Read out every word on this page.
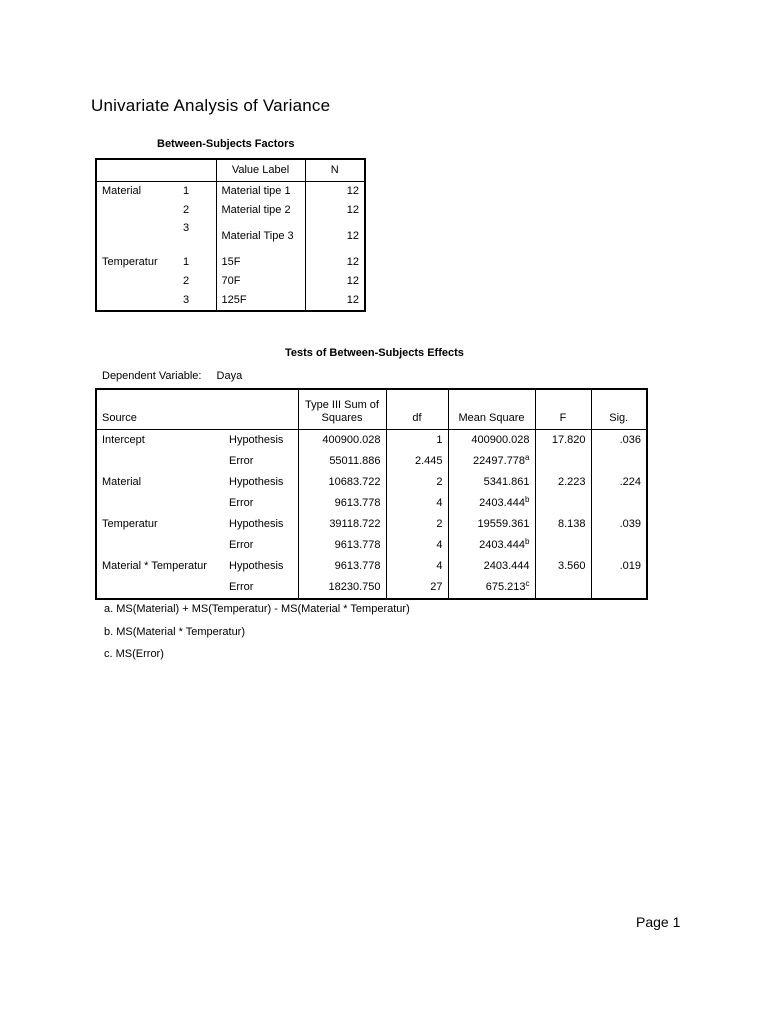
Univariate Analysis of Variance
Between-Subjects Factors
		Value Label	N
Material	1	Material tipe 1	12
	2	Material tipe 2	12
	3	Material Tipe 3	12
Temperatur	1	15F	12
	2	70F	12
	3	125F	12
Tests of Between-Subjects Effects
Dependent Variable: Daya
Source		Type III Sum of Squares	df	Mean Square	F	Sig.
Intercept	Hypothesis	400900.028	1	400900.028	17.820	.036
	Error	55011.886	2.445	22497.778$^a$		
Material	Hypothesis	10683.722	2	5341.861	2.223	.224
	Error	9613.778	4	2403.444$^b$		
Temperatur	Hypothesis	39118.722	2	19559.361	8.138	.039
	Error	9613.778	4	2403.444$^b$		
Material * Temperatur	Hypothesis	9613.778	4	2403.444	3.560	.019
	Error	18230.750	27	675.213$^c$		
a. MS(Material) + MS(Temperatur) - MS(Material * Temperatur)
b. MS(Material * Temperatur)
c. MS(Error)
Page 1
